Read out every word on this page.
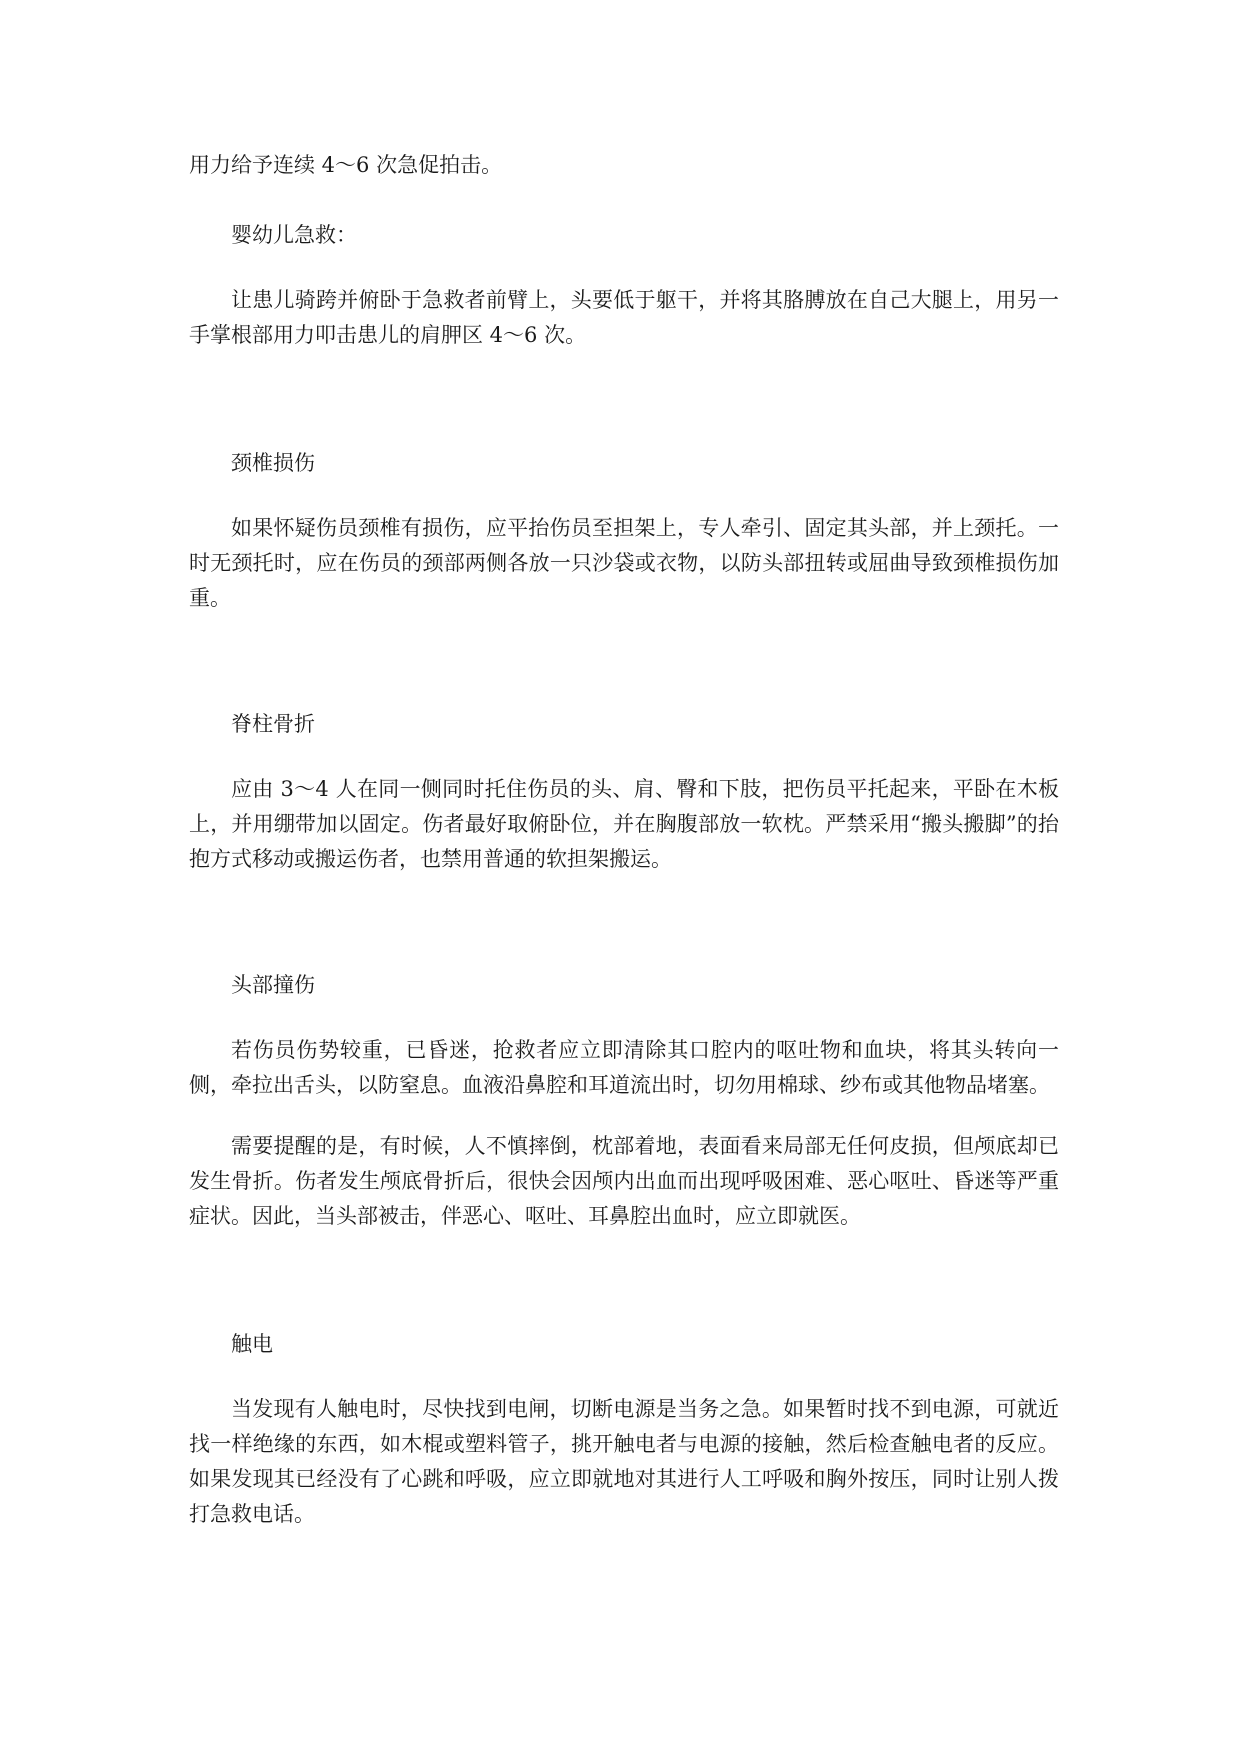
用力给予连续 4～6 次急促拍击。

婴幼儿急救：

让患儿骑跨并俯卧于急救者前臂上，头要低于躯干，并将其胳膊放在自己大腿上，用另一手掌根部用力叩击患儿的肩胛区 4～6 次。

颈椎损伤

如果怀疑伤员颈椎有损伤，应平抬伤员至担架上，专人牵引、固定其头部，并上颈托。一时无颈托时，应在伤员的颈部两侧各放一只沙袋或衣物，以防头部扭转或屈曲导致颈椎损伤加重。

脊柱骨折

应由 3～4 人在同一侧同时托住伤员的头、肩、臀和下肢，把伤员平托起来，平卧在木板上，并用绷带加以固定。伤者最好取俯卧位，并在胸腹部放一软枕。严禁采用“搬头搬脚”的抬抱方式移动或搬运伤者，也禁用普通的软担架搬运。

头部撞伤

若伤员伤势较重，已昏迷，抢救者应立即清除其口腔内的呕吐物和血块，将其头转向一侧，牵拉出舌头，以防窒息。血液沿鼻腔和耳道流出时，切勿用棉球、纱布或其他物品堵塞。

需要提醒的是，有时候，人不慎摔倒，枕部着地，表面看来局部无任何皮损，但颅底却已发生骨折。伤者发生颅底骨折后，很快会因颅内出血而出现呼吸困难、恶心呕吐、昏迷等严重症状。因此，当头部被击，伴恶心、呕吐、耳鼻腔出血时，应立即就医。

触电

当发现有人触电时，尽快找到电闸，切断电源是当务之急。如果暂时找不到电源，可就近找一样绝缘的东西，如木棍或塑料管子，挑开触电者与电源的接触，然后检查触电者的反应。如果发现其已经没有了心跳和呼吸，应立即就地对其进行人工呼吸和胸外按压，同时让别人拨打急救电话。
